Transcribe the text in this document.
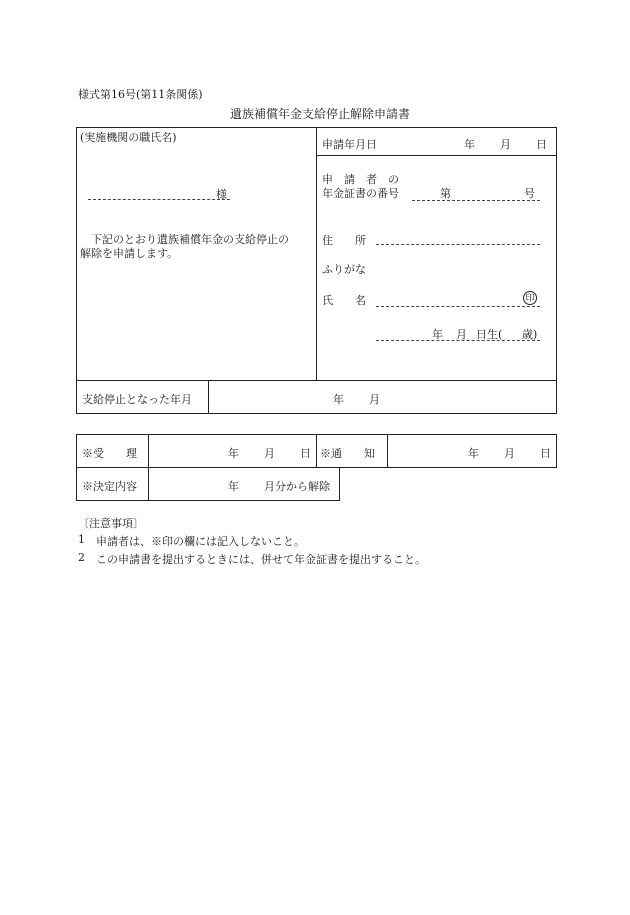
様式第16号(第11条関係)
遺族補償年金支給停止解除申請書
(実施機関の職氏名)
様
下記のとおり遺族補償年金の支給停止の
解除を申請します。
申請年月日	年 月 日
申　請　者　の
年金証書の番号	第	号
住　　所
ふりがな
氏　　名	印
年 月 日生( 歳)
支給停止となった年月	年 月
※受　　理	年 月 日 ※通　　知	年 月 日
※決定内容	年 月分から解除
〔注意事項〕
1 申請者は、※印の欄には記入しないこと。
2 この申請書を提出するときには、併せて年金証書を提出すること。
